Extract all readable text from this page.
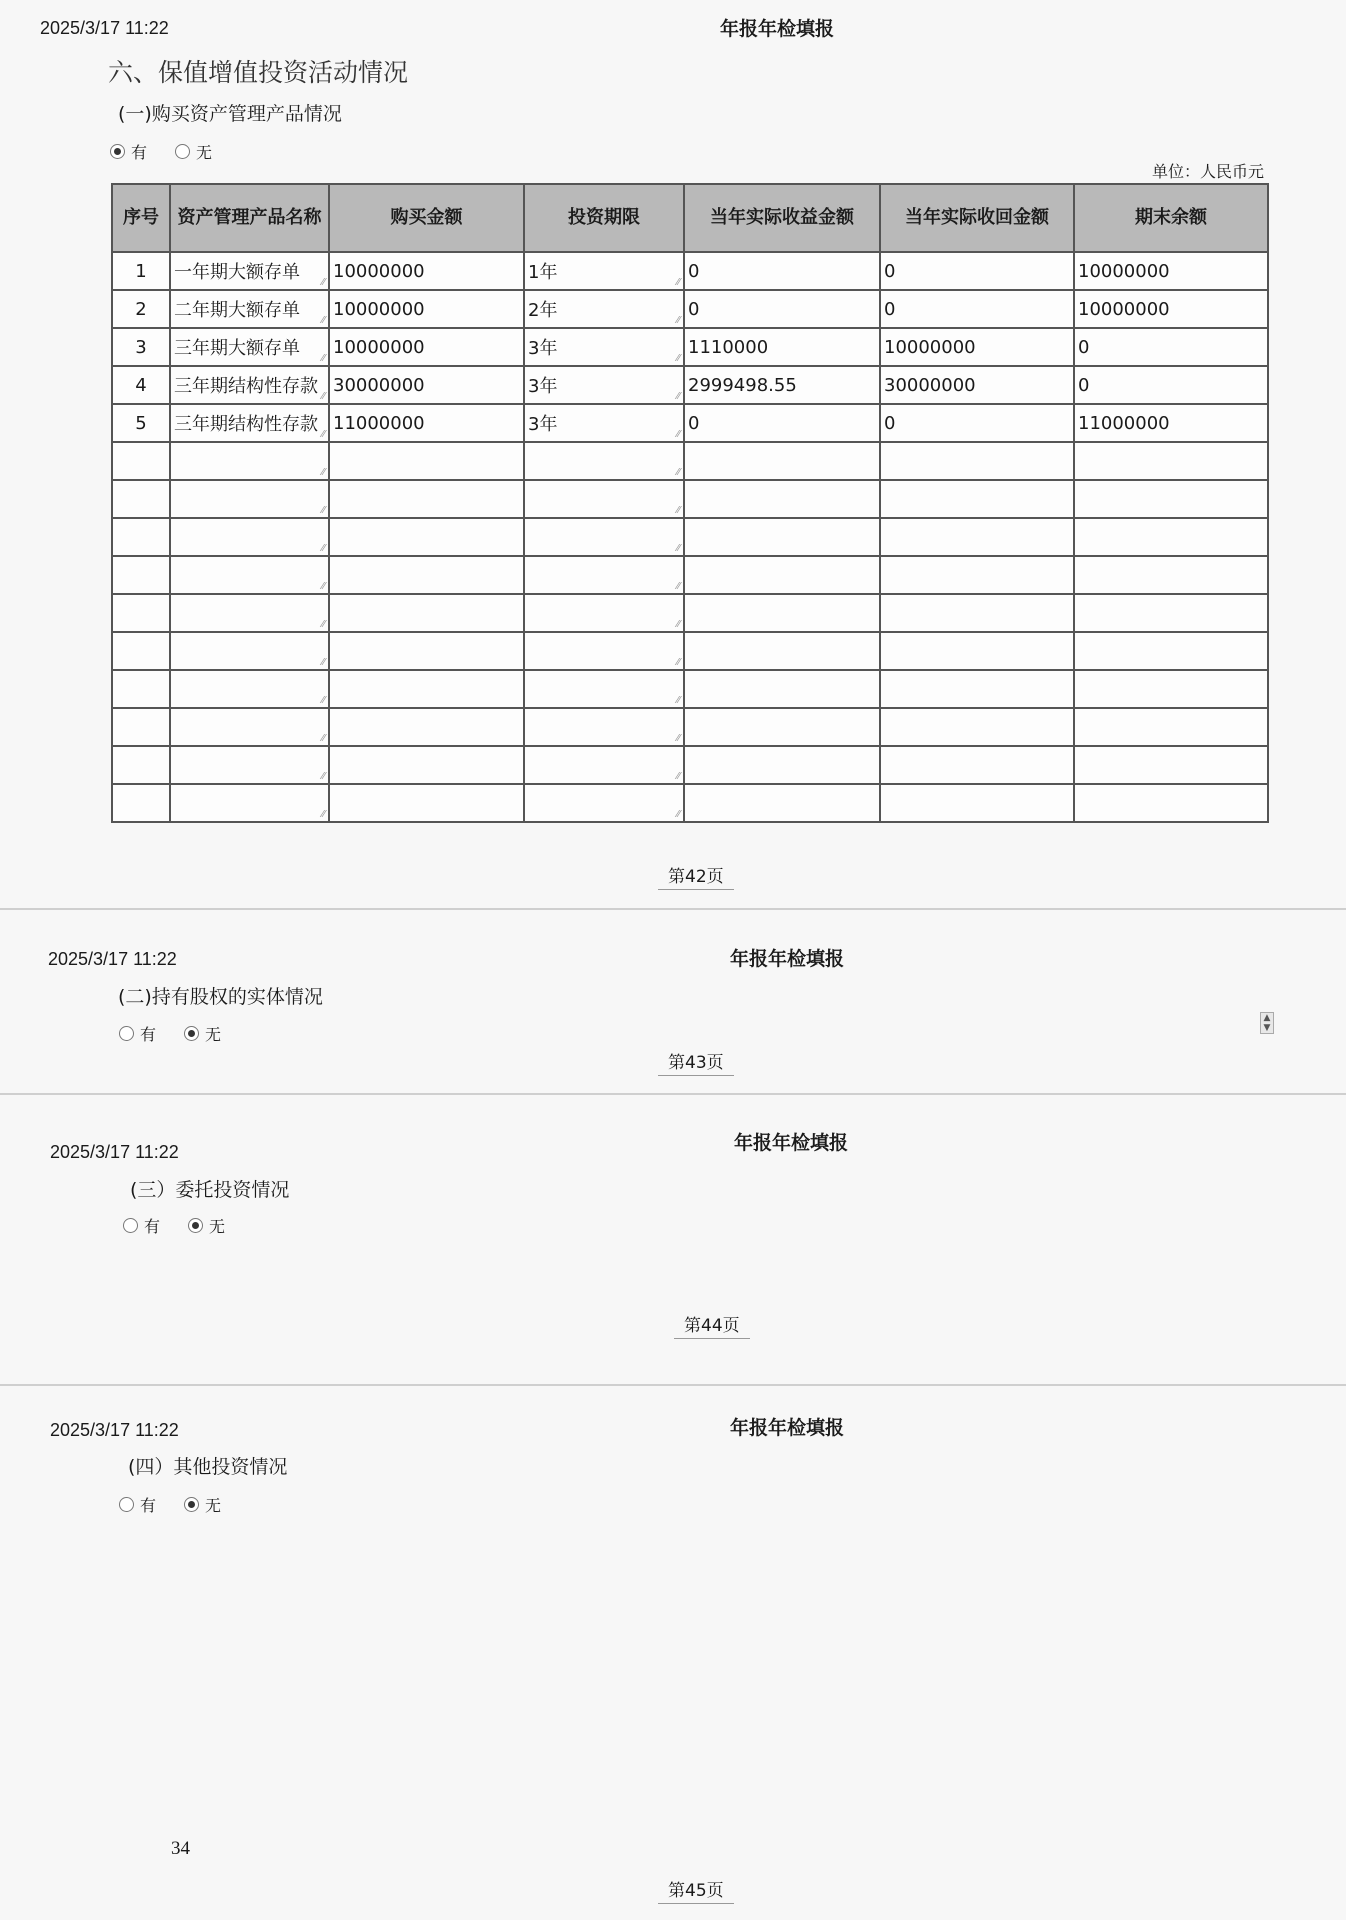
2025/3/17 11:22	年报年检填报
六、保值增值投资活动情况
(一)购买资产管理产品情况
有	无
单位：人民币元
序号	资产管理产品名称	购买金额	投资期限	当年实际收益金额	当年实际收回金额	期末余额
1	一年期大额存单 ⁄⁄	10000000	1年 ⁄⁄	0	0	10000000
2	二年期大额存单 ⁄⁄	10000000	2年 ⁄⁄	0	0	10000000
3	三年期大额存单 ⁄⁄	10000000	3年 ⁄⁄	1110000	10000000	0
4	三年期结构性存款 ⁄⁄	30000000	3年 ⁄⁄	2999498.55	30000000	0
5	三年期结构性存款 ⁄⁄	11000000	3年 ⁄⁄	0	0	11000000
	⁄⁄		⁄⁄			
	⁄⁄		⁄⁄			
	⁄⁄		⁄⁄			
	⁄⁄		⁄⁄			
	⁄⁄		⁄⁄			
	⁄⁄		⁄⁄			
	⁄⁄		⁄⁄			
	⁄⁄		⁄⁄			
	⁄⁄		⁄⁄			
	⁄⁄		⁄⁄			
第42页
2025/3/17 11:22	年报年检填报
(二)持有股权的实体情况
有	无
▲
▼
第43页
2025/3/17 11:22	年报年检填报
(三）委托投资情况
有	无
第44页
2025/3/17 11:22	年报年检填报
(四）其他投资情况
有	无
34
第45页
